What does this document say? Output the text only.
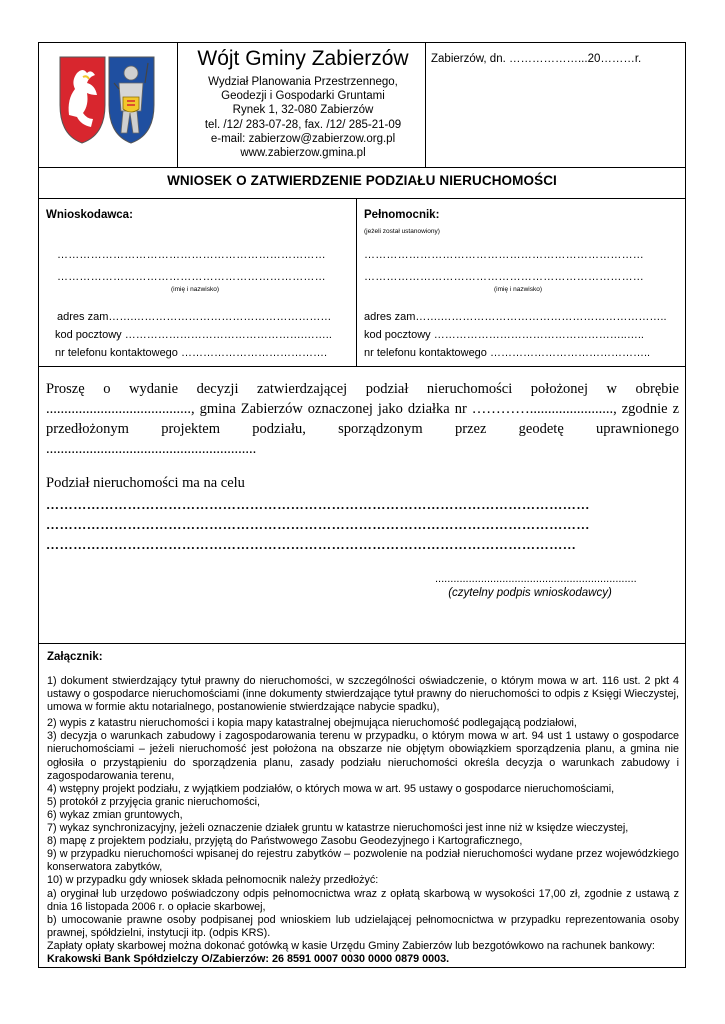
Wójt Gminy Zabierzów
Wydział Planowania Przestrzennego,
Geodezji i Gospodarki Gruntami
Rynek 1, 32-080 Zabierzów
tel. /12/ 283-07-28, fax. /12/ 285-21-09
e-mail: zabierzow@zabierzow.org.pl
www.zabierzow.gmina.pl
Zabierzów, dn. ………………...20………r.
WNIOSEK O ZATWIERDZENIE PODZIAŁU NIERUCHOMOŚCI
Wnioskodawca:
………………………………………………………………
………………………………………………………………
(imię i nazwisko)
adres zam…….………………………………………………
kod pocztowy ………………………………………….……..
nr telefonu kontaktowego ………………………………….
Pełnomocnik:
(jeżeli został ustanowiony)
…………………………………………………………………
…………………………………………………………………
(imię i nazwisko)
adres zam…….……………………………………………………..
kod pocztowy ……………………………………………..…..
nr telefonu kontaktowego ……………………………………..

Proszę o wydanie decyzji zatwierdzającej podział nieruchomości położonej w obrębie ........................................, gmina Zabierzów oznaczonej jako działka nr …………......................., zgodnie z przedłożonym projektem podziału, sporządzonym przez geodetę uprawnionego ..........................................................

Podział nieruchomości ma na celu
…………………………………………………………………………………………………………
…………………………………………………………………………………………………………
………………………………………………………………………………………………………
..................................................................
(czytelny podpis wnioskodawcy)
Załącznik:

1) dokument stwierdzający tytuł prawny do nieruchomości, w szczególności oświadczenie, o którym mowa w art. 116 ust. 2 pkt 4 ustawy o gospodarce nieruchomościami (inne dokumenty stwierdzające tytuł prawny do nieruchomości to odpis z Księgi Wieczystej, umowa w formie aktu notarialnego, postanowienie stwierdzające nabycie spadku),

2) wypis z katastru nieruchomości i kopia mapy katastralnej obejmująca nieruchomość podlegającą podziałowi,

3) decyzja o warunkach zabudowy i zagospodarowania terenu w przypadku, o którym mowa w art. 94 ust 1 ustawy o gospodarce nieruchomościami – jeżeli nieruchomość jest położona na obszarze nie objętym obowiązkiem sporządzenia planu, a gmina nie ogłosiła o przystąpieniu do sporządzenia planu, zasady podziału nieruchomości określa decyzja o warunkach zabudowy i zagospodarowania terenu,

4) wstępny projekt podziału, z wyjątkiem podziałów, o których mowa w art. 95 ustawy o gospodarce nieruchomościami,

5) protokół z przyjęcia granic nieruchomości,

6) wykaz zmian gruntowych,

7) wykaz synchronizacyjny, jeżeli oznaczenie działek gruntu w katastrze nieruchomości jest inne niż w księdze wieczystej,

8) mapę z projektem podziału, przyjętą do Państwowego Zasobu Geodezyjnego i Kartograficznego,

9) w przypadku nieruchomości wpisanej do rejestru zabytków – pozwolenie na podział nieruchomości wydane przez wojewódzkiego konserwatora zabytków,

10) w przypadku gdy wniosek składa pełnomocnik należy przedłożyć:

a) oryginał lub urzędowo poświadczony odpis pełnomocnictwa wraz z opłatą skarbową w wysokości 17,00 zł, zgodnie z ustawą z dnia 16 listopada 2006 r. o opłacie skarbowej,

b) umocowanie prawne osoby podpisanej pod wnioskiem lub udzielającej pełnomocnictwa w przypadku reprezentowania osoby prawnej, spółdzielni, instytucji itp. (odpis KRS).

Zapłaty opłaty skarbowej można dokonać gotówką w kasie Urzędu Gminy Zabierzów lub bezgotówkowo na rachunek bankowy:

Krakowski Bank Spółdzielczy O/Zabierzów: 26 8591 0007 0030 0000 0879 0003.
